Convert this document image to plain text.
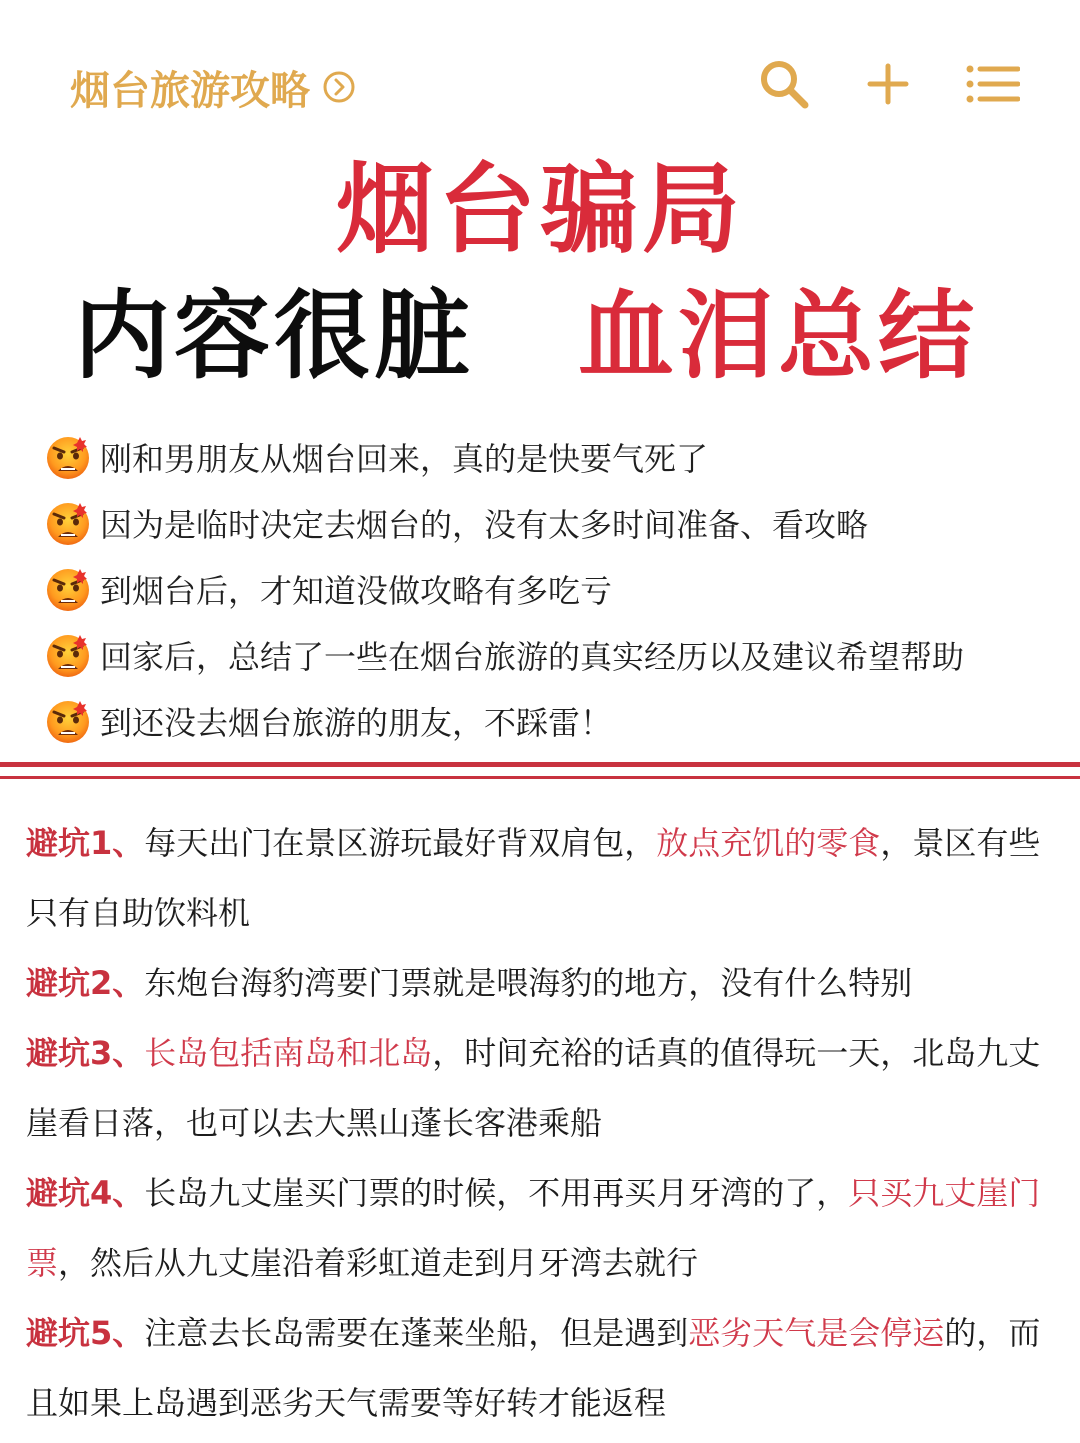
烟台旅游攻略
烟台骗局
内容很脏 血泪总结
刚和男朋友从烟台回来，真的是快要气死了
因为是临时决定去烟台的，没有太多时间准备、看攻略
到烟台后，才知道没做攻略有多吃亏
回家后，总结了一些在烟台旅游的真实经历以及建议希望帮助
到还没去烟台旅游的朋友，不踩雷！
避坑1、每天出门在景区游玩最好背双肩包，放点充饥的零食，景区有些只有自助饮料机
避坑2、东炮台海豹湾要门票就是喂海豹的地方，没有什么特别
避坑3、长岛包括南岛和北岛，时间充裕的话真的值得玩一天，北岛九丈崖看日落，也可以去大黑山蓬长客港乘船
避坑4、长岛九丈崖买门票的时候，不用再买月牙湾的了，只买九丈崖门票，然后从九丈崖沿着彩虹道走到月牙湾去就行
避坑5、注意去长岛需要在蓬莱坐船，但是遇到恶劣天气是会停运的，而且如果上岛遇到恶劣天气需要等好转才能返程
